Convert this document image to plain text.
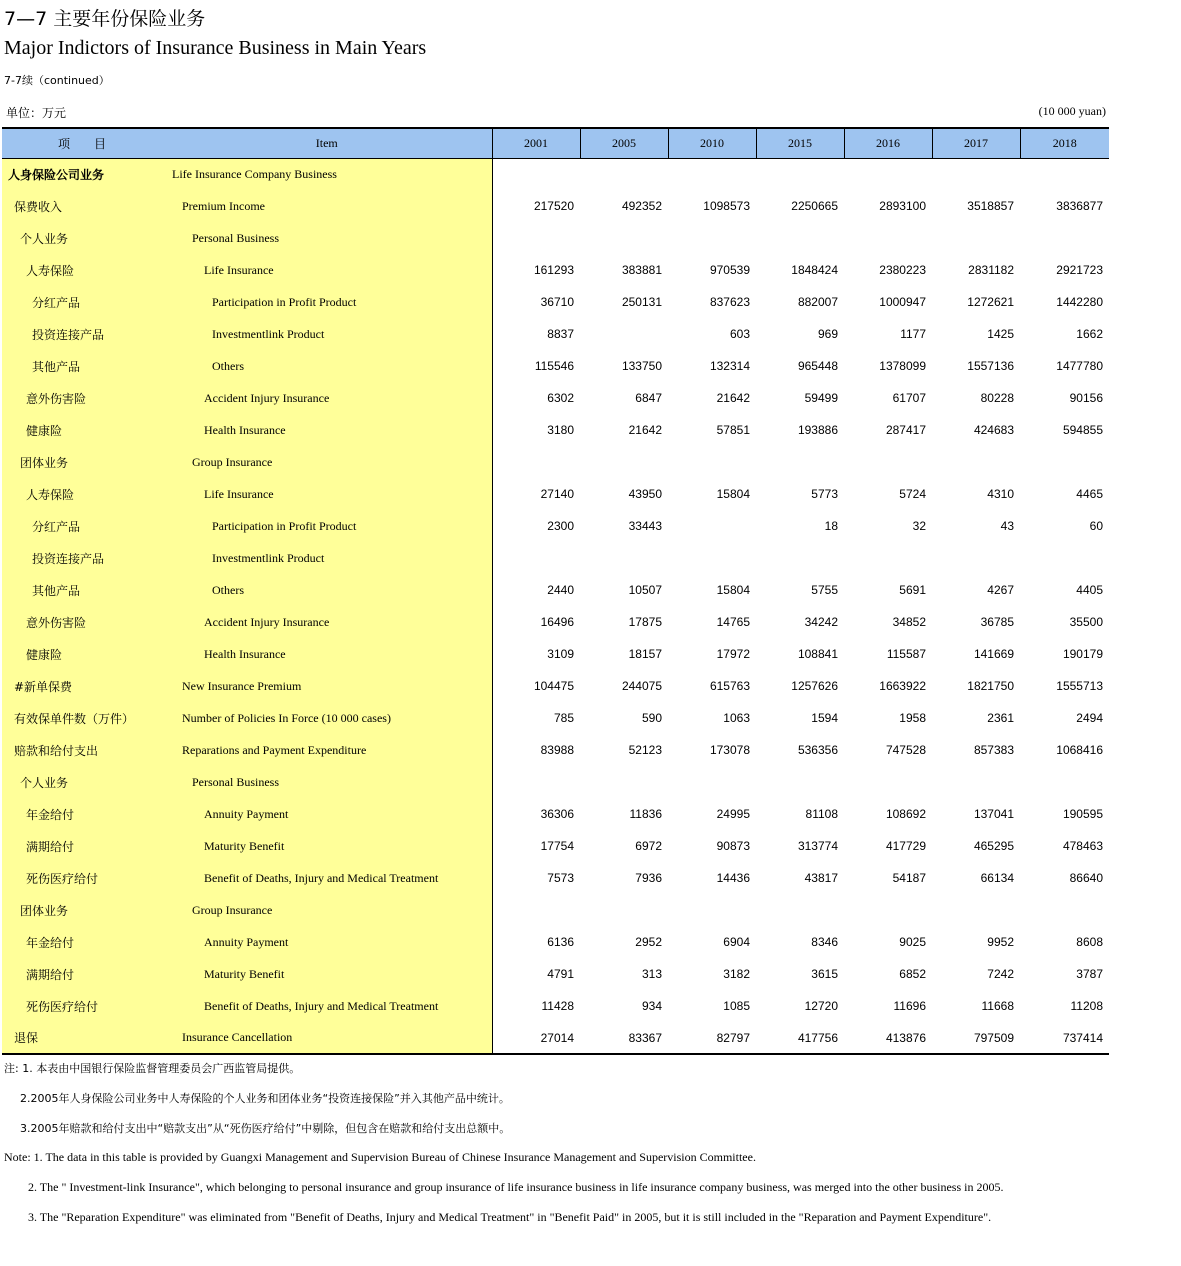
7—7 主要年份保险业务
Major Indictors of Insurance Business in Main Years
7-7续（continued）
单位：万元	(10 000 yuan)
项　　目	Item	2001	2005	2010	2015	2016	2017	2018
人身保险公司业务	Life Insurance Company Business							
保费收入	Premium Income	217520	492352	1098573	2250665	2893100	3518857	3836877
个人业务	Personal Business							
人寿保险	Life Insurance	161293	383881	970539	1848424	2380223	2831182	2921723
分红产品	Participation in Profit Product	36710	250131	837623	882007	1000947	1272621	1442280
投资连接产品	Investmentlink Product	8837		603	969	1177	1425	1662
其他产品	Others	115546	133750	132314	965448	1378099	1557136	1477780
意外伤害险	Accident Injury Insurance	6302	6847	21642	59499	61707	80228	90156
健康险	Health Insurance	3180	21642	57851	193886	287417	424683	594855
团体业务	Group Insurance							
人寿保险	Life Insurance	27140	43950	15804	5773	5724	4310	4465
分红产品	Participation in Profit Product	2300	33443		18	32	43	60
投资连接产品	Investmentlink Product							
其他产品	Others	2440	10507	15804	5755	5691	4267	4405
意外伤害险	Accident Injury Insurance	16496	17875	14765	34242	34852	36785	35500
健康险	Health Insurance	3109	18157	17972	108841	115587	141669	190179
#新单保费	New Insurance Premium	104475	244075	615763	1257626	1663922	1821750	1555713
有效保单件数（万件）	Number of Policies In Force (10 000 cases)	785	590	1063	1594	1958	2361	2494
赔款和给付支出	Reparations and Payment Expenditure	83988	52123	173078	536356	747528	857383	1068416
个人业务	Personal Business							
年金给付	Annuity Payment	36306	11836	24995	81108	108692	137041	190595
满期给付	Maturity Benefit	17754	6972	90873	313774	417729	465295	478463
死伤医疗给付	Benefit of Deaths, Injury and Medical Treatment	7573	7936	14436	43817	54187	66134	86640
团体业务	Group Insurance							
年金给付	Annuity Payment	6136	2952	6904	8346	9025	9952	8608
满期给付	Maturity Benefit	4791	313	3182	3615	6852	7242	3787
死伤医疗给付	Benefit of Deaths, Injury and Medical Treatment	11428	934	1085	12720	11696	11668	11208
退保	Insurance Cancellation	27014	83367	82797	417756	413876	797509	737414
注: 1. 本表由中国银行保险监督管理委员会广西监管局提供。
2.2005年人身保险公司业务中人寿保险的个人业务和团体业务“投资连接保险”并入其他产品中统计。
3.2005年赔款和给付支出中“赔款支出”从“死伤医疗给付”中剔除，但包含在赔款和给付支出总额中。
Note: 1. The data in this table is provided by Guangxi Management and Supervision Bureau of Chinese Insurance Management and Supervision Committee.
2. The " Investment-link Insurance", which belonging to personal insurance and group insurance of life insurance business in life insurance company business, was merged into the other business in 2005.
3. The "Reparation Expenditure" was eliminated from "Benefit of Deaths, Injury and Medical Treatment" in "Benefit Paid" in 2005, but it is still included in the "Reparation and Payment Expenditure".
